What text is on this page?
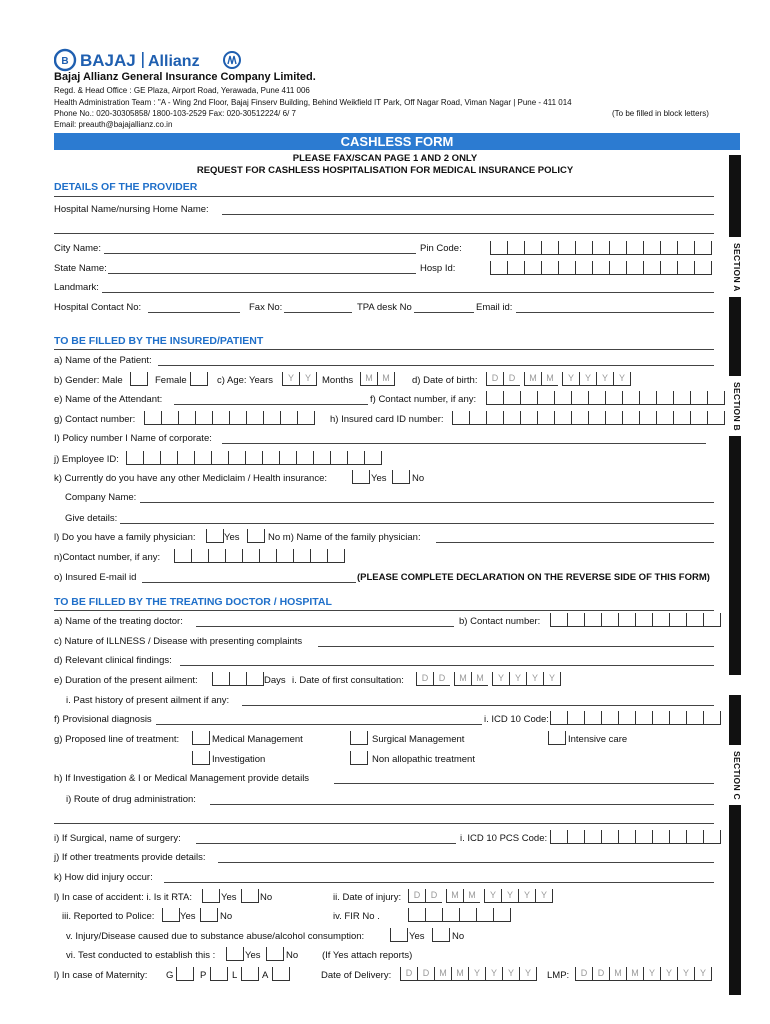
B BAJAJ Allianz
Bajaj Allianz General Insurance Company Limited.
Regd. & Head Office : GE Plaza, Airport Road, Yerawada, Pune 411 006
Health Administration Team : "A - Wing 2nd Floor, Bajaj Finserv Building, Behind Weikfield IT Park, Off Nagar Road, Viman Nagar | Pune - 411 014
Phone No.: 020-30305858/ 1800-103-2529 Fax: 020-30512224/ 6/ 7	(To be filled in block letters)
Email: preauth@bajajallianz.co.in
CASHLESS FORM
PLEASE FAX/SCAN PAGE 1 AND 2 ONLY
REQUEST FOR CASHLESS HOSPITALISATION FOR MEDICAL INSURANCE POLICY
SECTION A
SECTION B
SECTION C
DETAILS OF THE PROVIDER
Hospital Name/nursing Home Name:
City Name:	Pin Code:
State Name:	Hosp Id:
Landmark:
Hospital Contact No:	Fax No:	TPA desk No	Email id:
TO BE FILLED BY THE INSURED/PATIENT
a) Name of the Patient:
b) Gender: Male	Female	c) Age: Years	Y	Y	Months	M	M	d) Date of birth:	D	D	M	M	Y	Y	Y	Y
e) Name of the Attendant:	f) Contact number, if any:
g) Contact number:	h) Insured card ID number:
I) Policy number I Name of corporate:
j) Employee ID:
k) Currently do you have any other Mediclaim / Health insurance:	Yes	No
Company Name:
Give details:
l) Do you have a family physician:	Yes	No m) Name of the family physician:
n)Contact number, if any:
o) Insured E-mail id	(PLEASE COMPLETE DECLARATION ON THE REVERSE SIDE OF THIS FORM)
TO BE FILLED BY THE TREATING DOCTOR / HOSPITAL
a) Name of the treating doctor:	b) Contact number:
c) Nature of ILLNESS / Disease with presenting complaints
d) Relevant clinical findings:
e) Duration of the present ailment:	Days i. Date of first consultation:	D	D	M	M	Y	Y	Y	Y
i. Past history of present ailment if any:
f) Provisional diagnosis	i. ICD 10 Code:
g) Proposed line of treatment:	Medical Management	Surgical Management	Intensive care
Investigation	Non allopathic treatment
h) If Investigation & I or Medical Management provide details
i) Route of drug administration:
i) If Surgical, name of surgery:	i. ICD 10 PCS Code:
j) If other treatments provide details:
k) How did injury occur:
l) In case of accident: i. Is it RTA:	Yes No	ii. Date of injury:	D	D	M	M	Y	Y	Y	Y
iii. Reported to Police:	Yes	No	iv. FIR No .
v. Injury/Disease caused due to substance abuse/alcohol consumption:	Yes	No
vi. Test conducted to establish this :	Yes	No	(If Yes attach reports)
l) In case of Maternity: G	P	L	A	Date of Delivery:	D	D	M	M	Y	Y	Y	Y	LMP:	D	D	M	M	Y	Y	Y	Y
